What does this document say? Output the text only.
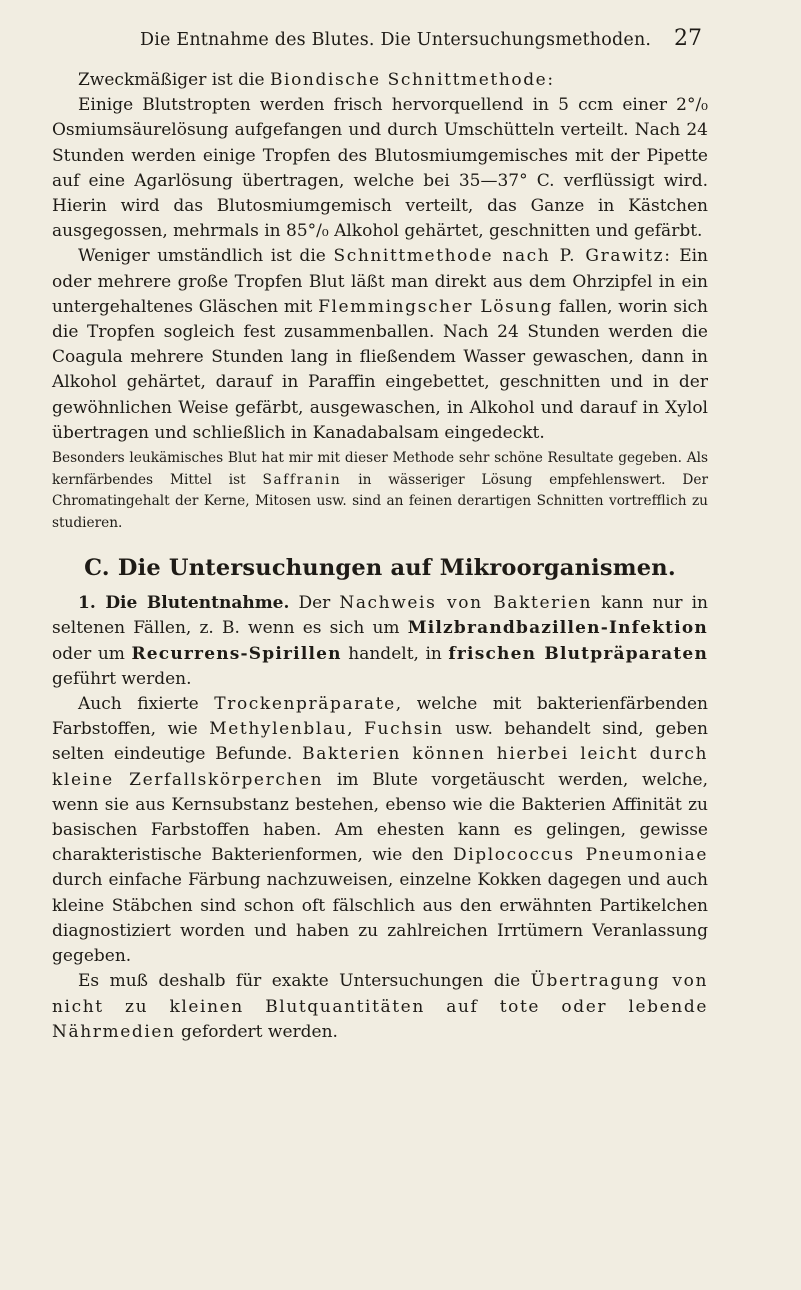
Die Entnahme des Blutes. Die Untersuchungsmethoden.	27

Zweckmäßiger ist die Biondische Schnittmethode:

Einige Blutstropten werden frisch hervorquellend in 5 ccm einer 2°/₀ Osmiumsäurelösung aufgefangen und durch Umschütteln verteilt. Nach 24 Stunden werden einige Tropfen des Blutosmiumgemisches mit der Pipette auf eine Agarlösung übertragen, welche bei 35—37° C. verflüssigt wird. Hierin wird das Blutosmiumgemisch verteilt, das Ganze in Kästchen ausgegossen, mehrmals in 85°/₀ Alkohol gehärtet, geschnitten und gefärbt.

Weniger umständlich ist die Schnittmethode nach P. Grawitz: Ein oder mehrere große Tropfen Blut läßt man direkt aus dem Ohrzipfel in ein untergehaltenes Gläschen mit Flemmingscher Lösung fallen, worin sich die Tropfen sogleich fest zusammenballen. Nach 24 Stunden werden die Coagula mehrere Stunden lang in fließendem Wasser gewaschen, dann in Alkohol gehärtet, darauf in Paraffin eingebettet, geschnitten und in der gewöhnlichen Weise gefärbt, ausgewaschen, in Alkohol und darauf in Xylol übertragen und schließlich in Kanadabalsam eingedeckt.

Besonders leukämisches Blut hat mir mit dieser Methode sehr schöne Resultate gegeben. Als kernfärbendes Mittel ist Saffranin in wässeriger Lösung empfehlenswert. Der Chromatingehalt der Kerne, Mitosen usw. sind an feinen derartigen Schnitten vortrefflich zu studieren.

C. Die Untersuchungen auf Mikroorganismen.

1. Die Blutentnahme. Der Nachweis von Bakterien kann nur in seltenen Fällen, z. B. wenn es sich um Milzbrandbazillen-Infektion oder um Recurrens-Spirillen handelt, in frischen Blutpräparaten geführt werden.

Auch fixierte Trockenpräparate, welche mit bakterienfärbenden Farbstoffen, wie Methylenblau, Fuchsin usw. behandelt sind, geben selten eindeutige Befunde. Bakterien können hierbei leicht durch kleine Zerfallskörperchen im Blute vorgetäuscht werden, welche, wenn sie aus Kernsubstanz bestehen, ebenso wie die Bakterien Affinität zu basischen Farbstoffen haben. Am ehesten kann es gelingen, gewisse charakteristische Bakterienformen, wie den Diplococcus Pneumoniae durch einfache Färbung nachzuweisen, einzelne Kokken dagegen und auch kleine Stäbchen sind schon oft fälschlich aus den erwähnten Partikelchen diagnostiziert worden und haben zu zahlreichen Irrtümern Veranlassung gegeben.

Es muß deshalb für exakte Untersuchungen die Übertragung von nicht zu kleinen Blutquantitäten auf tote oder lebende Nährmedien gefordert werden.
